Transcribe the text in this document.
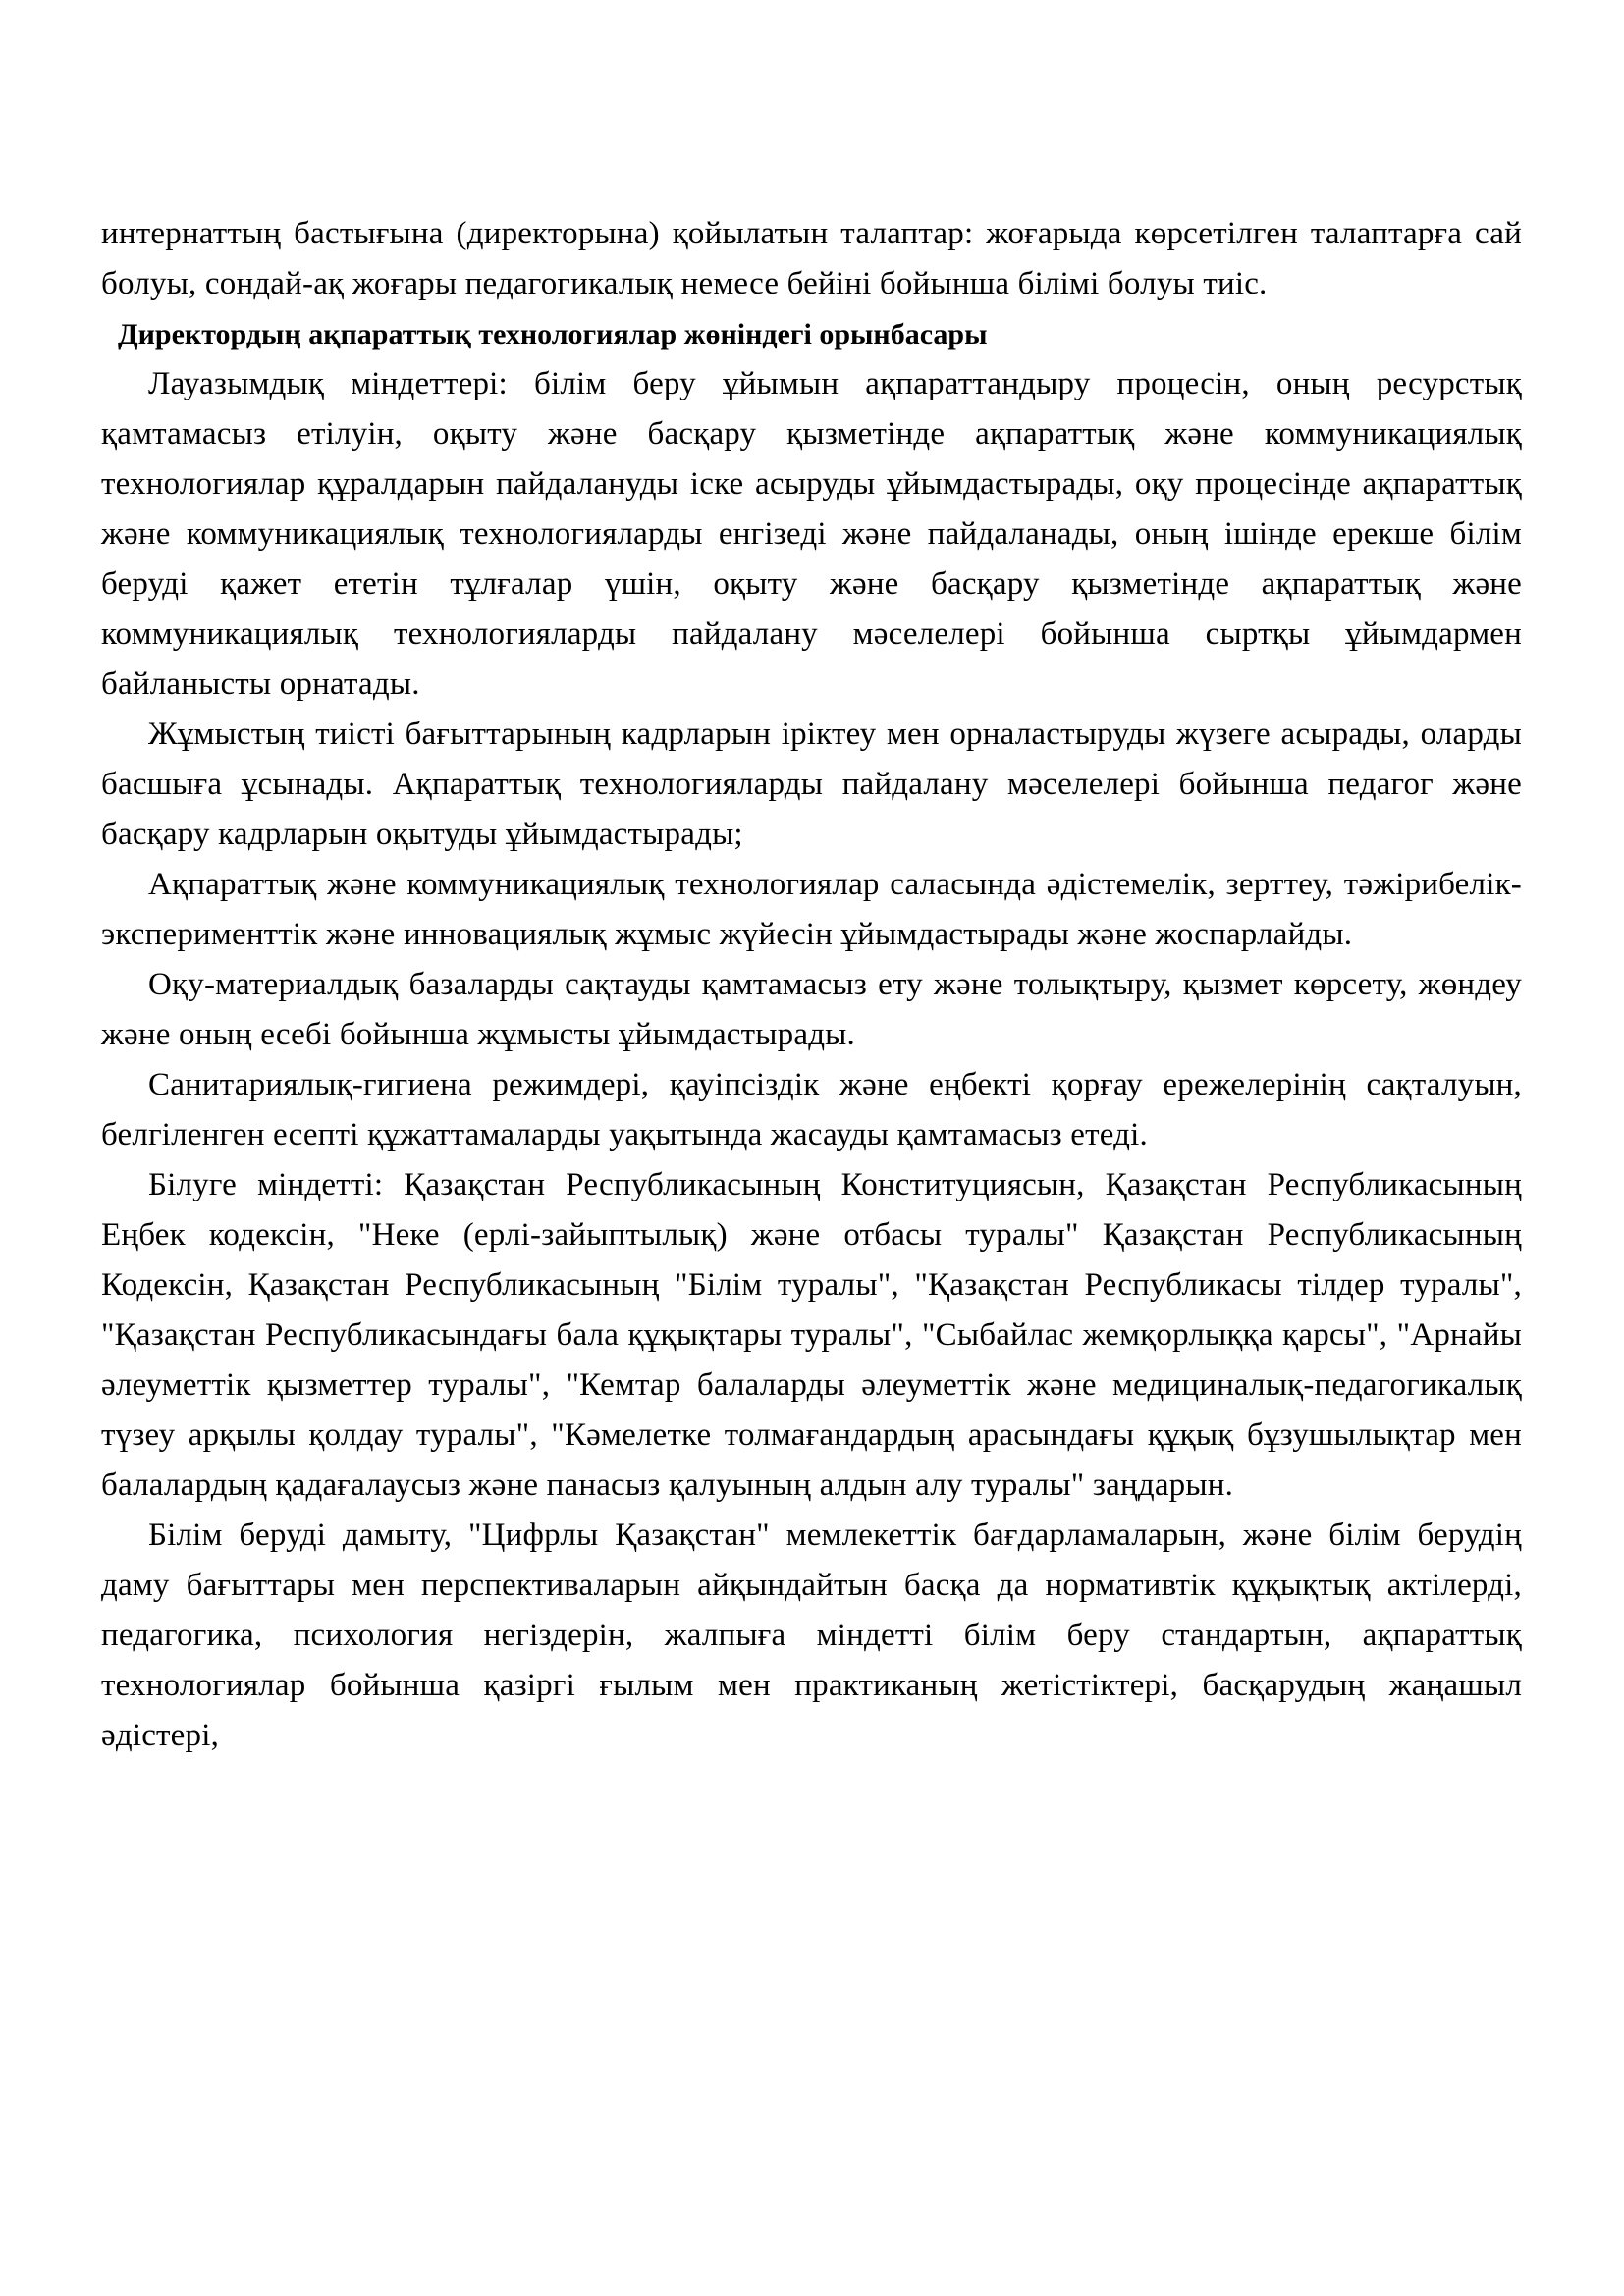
интернаттың бастығына (директорына) қойылатын талаптар: жоғарыда көрсетілген талаптарға сай болуы, сондай-ақ жоғары педагогикалық немесе бейіні бойынша білімі болуы тиіс.

Директордың ақпараттық технологиялар жөніндегі орынбасары

Лауазымдық міндеттері: білім беру ұйымын ақпараттандыру процесін, оның ресурстық қамтамасыз етілуін, оқыту және басқару қызметінде ақпараттық және коммуникациялық технологиялар құралдарын пайдалануды іске асыруды ұйымдастырады, оқу процесінде ақпараттық және коммуникациялық технологияларды енгізеді және пайдаланады, оның ішінде ерекше білім беруді қажет ететін тұлғалар үшін, оқыту және басқару қызметінде ақпараттық және коммуникациялық технологияларды пайдалану мәселелері бойынша сыртқы ұйымдармен байланысты орнатады.

Жұмыстың тиісті бағыттарының кадрларын іріктеу мен орналастыруды жүзеге асырады, оларды басшыға ұсынады. Ақпараттық технологияларды пайдалану мәселелері бойынша педагог және басқару кадрларын оқытуды ұйымдастырады;

Ақпараттық және коммуникациялық технологиялар саласында әдістемелік, зерттеу, тәжірибелік-эксперименттік және инновациялық жұмыс жүйесін ұйымдастырады және жоспарлайды.

Оқу-материалдық базаларды сақтауды қамтамасыз ету және толықтыру, қызмет көрсету, жөндеу және оның есебі бойынша жұмысты ұйымдастырады.

Санитариялық-гигиена режимдері, қауіпсіздік және еңбекті қорғау ережелерінің сақталуын, белгіленген есепті құжаттамаларды уақытында жасауды қамтамасыз етеді.

Білуге міндетті: Қазақстан Республикасының Конституциясын, Қазақстан Республикасының Еңбек кодексін, "Неке (ерлі-зайыптылық) және отбасы туралы" Қазақстан Республикасының Кодексін, Қазақстан Республикасының "Білім туралы", "Қазақстан Республикасы тілдер туралы", "Қазақстан Республикасындағы бала құқықтары туралы", "Сыбайлас жемқорлыққа қарсы", "Арнайы әлеуметтік қызметтер туралы", "Кемтар балаларды әлеуметтік және медициналық-педагогикалық түзеу арқылы қолдау туралы", "Кәмелетке толмағандардың арасындағы құқық бұзушылықтар мен балалардың қадағалаусыз және панасыз қалуының алдын алу туралы" заңдарын.

Білім беруді дамыту, "Цифрлы Қазақстан" мемлекеттік бағдарламаларын, және білім берудің даму бағыттары мен перспективаларын айқындайтын басқа да нормативтік құқықтық актілерді, педагогика, психология негіздерін, жалпыға міндетті білім беру стандартын, ақпараттық технологиялар бойынша қазіргі ғылым мен практиканың жетістіктері, басқарудың жаңашыл әдістері,
